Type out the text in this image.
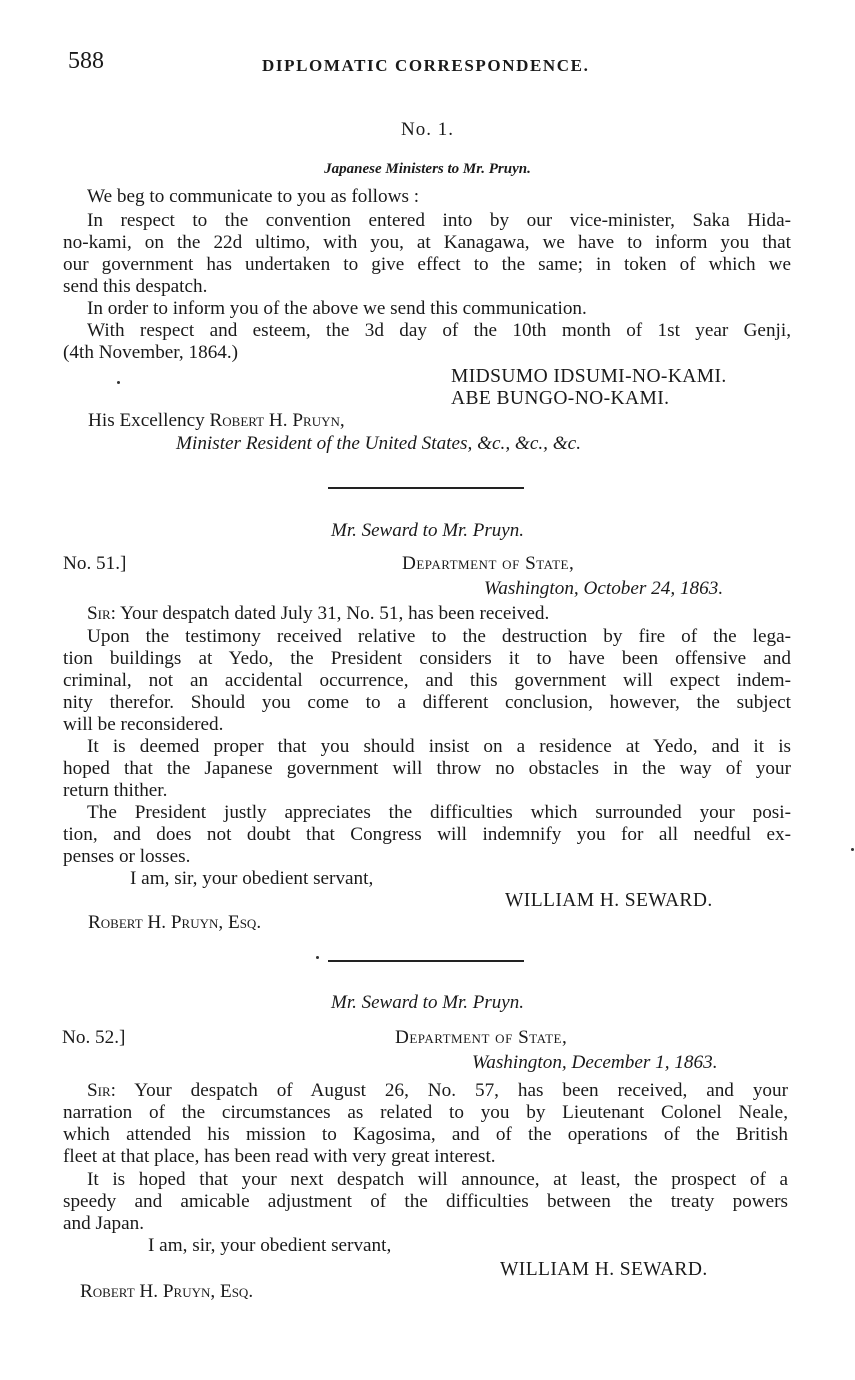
588	DIPLOMATIC CORRESPONDENCE.
No. 1.
Japanese Ministers to Mr. Pruyn.
We beg to communicate to you as follows :
In respect to the convention entered into by our vice-minister, Saka Hida-
no-kami, on the 22d ultimo, with you, at Kanagawa, we have to inform you that
our government has undertaken to give effect to the same; in token of which we
send this despatch.
In order to inform you of the above we send this communication.
With respect and esteem, the 3d day of the 10th month of 1st year Genji,
(4th November, 1864.)
MIDSUMO IDSUMI-NO-KAMI.
ABE BUNGO-NO-KAMI.
His Excellency Robert H. Pruyn,
Minister Resident of the United States, &c., &c., &c.
Mr. Seward to Mr. Pruyn.
No. 51.]	Department of State,
Washington, October 24, 1863.
Sir: Your despatch dated July 31, No. 51, has been received.
Upon the testimony received relative to the destruction by fire of the lega-
tion buildings at Yedo, the President considers it to have been offensive and
criminal, not an accidental occurrence, and this government will expect indem-
nity therefor. Should you come to a different conclusion, however, the subject
will be reconsidered.
It is deemed proper that you should insist on a residence at Yedo, and it is
hoped that the Japanese government will throw no obstacles in the way of your
return thither.
The President justly appreciates the difficulties which surrounded your posi-
tion, and does not doubt that Congress will indemnify you for all needful ex-
penses or losses.
I am, sir, your obedient servant,
WILLIAM H. SEWARD.
Robert H. Pruyn, Esq.
Mr. Seward to Mr. Pruyn.
No. 52.]	Department of State,
Washington, December 1, 1863.
Sir: Your despatch of August 26, No. 57, has been received, and your
narration of the circumstances as related to you by Lieutenant Colonel Neale,
which attended his mission to Kagosima, and of the operations of the British
fleet at that place, has been read with very great interest.
It is hoped that your next despatch will announce, at least, the prospect of a
speedy and amicable adjustment of the difficulties between the treaty powers
and Japan.
I am, sir, your obedient servant,
WILLIAM H. SEWARD.
Robert H. Pruyn, Esq.
